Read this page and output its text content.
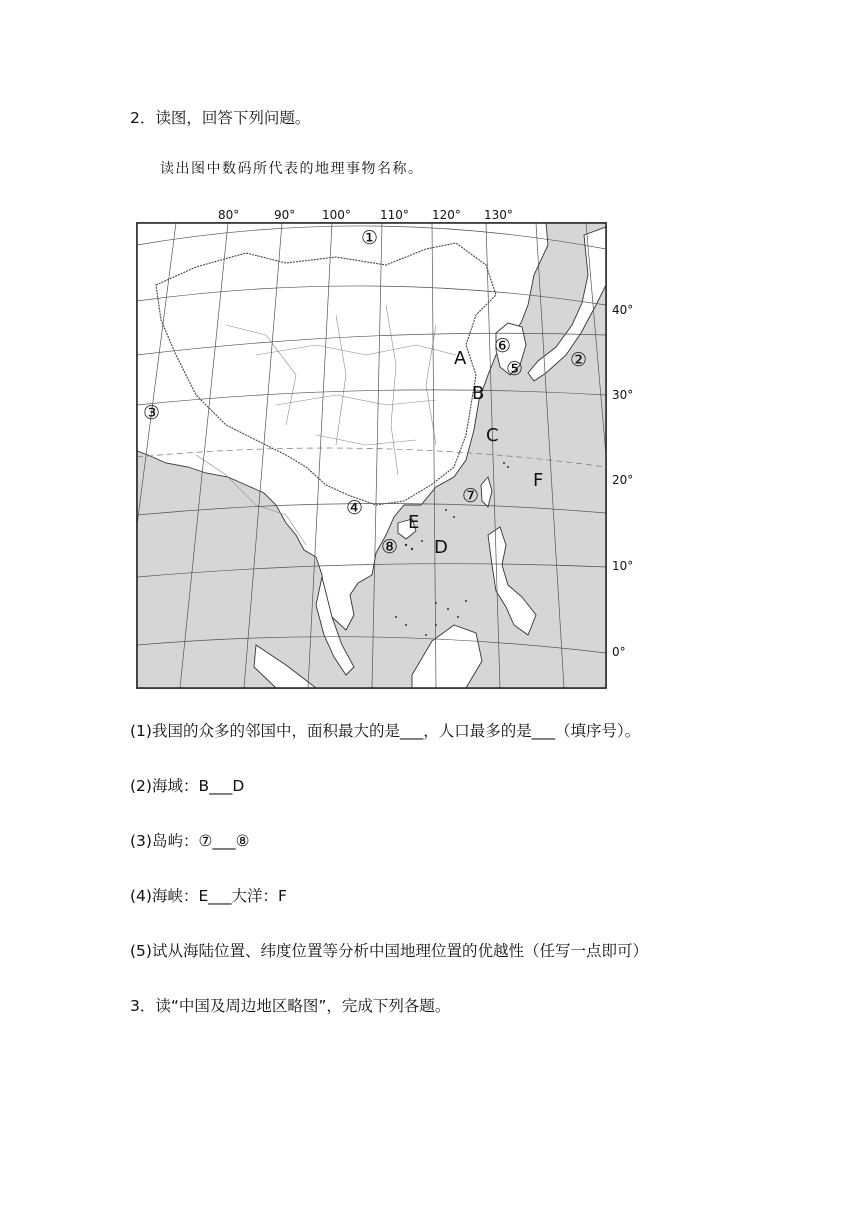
2．读图，回答下列问题。
读出图中数码所代表的地理事物名称。
80°	90° 100° 110° 120° 130°
40°
30°
20°
10°
0°
①
②
③
④
⑤
⑥
⑦
⑧
A
B
C
D
E
F
(1)我国的众多的邻国中，面积最大的是___，人口最多的是___（填序号）。
(2)海域：B___D
(3)岛屿：⑦___⑧
(4)海峡：E___大洋：F
(5)试从海陆位置、纬度位置等分析中国地理位置的优越性（任写一点即可）
3．读“中国及周边地区略图”，完成下列各题。
